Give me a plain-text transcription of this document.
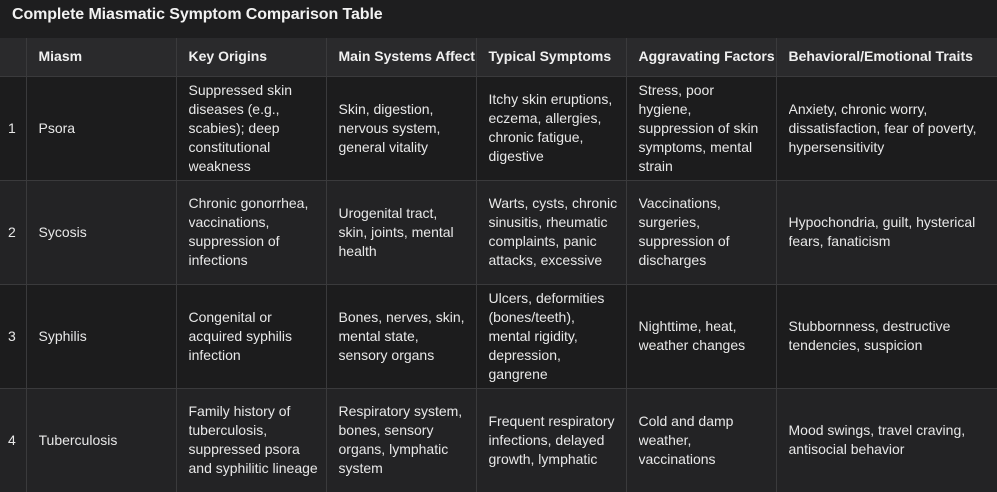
Complete Miasmatic Symptom Comparison Table
	Miasm	Key Origins	Main Systems Affect	Typical Symptoms	Aggravating Factors	Behavioral/Emotional Traits

1	Psora	Suppressed skin diseases (e.g., scabies); deep constitutional weakness	Skin, digestion, nervous system, general vitality	Itchy skin eruptions, eczema, allergies, chronic fatigue, digestive	Stress, poor hygiene, suppression of skin symptoms, mental strain	Anxiety, chronic worry, dissatisfaction, fear of poverty, hypersensitivity

2	Sycosis	Chronic gonorrhea, vaccinations, suppression of infections	Urogenital tract, skin, joints, mental health	Warts, cysts, chronic sinusitis, rheumatic complaints, panic attacks, excessive	Vaccinations, surgeries, suppression of discharges	Hypochondria, guilt, hysterical fears, fanaticism

3	Syphilis	Congenital or acquired syphilis infection	Bones, nerves, skin, mental state, sensory organs	Ulcers, deformities (bones/teeth), mental rigidity, depression, gangrene	Nighttime, heat, weather changes	Stubbornness, destructive tendencies, suspicion

4	Tuberculosis	Family history of tuberculosis, suppressed psora and syphilitic lineage	Respiratory system, bones, sensory organs, lymphatic system	Frequent respiratory infections, delayed growth, lymphatic	Cold and damp weather, vaccinations	Mood swings, travel craving, antisocial behavior
